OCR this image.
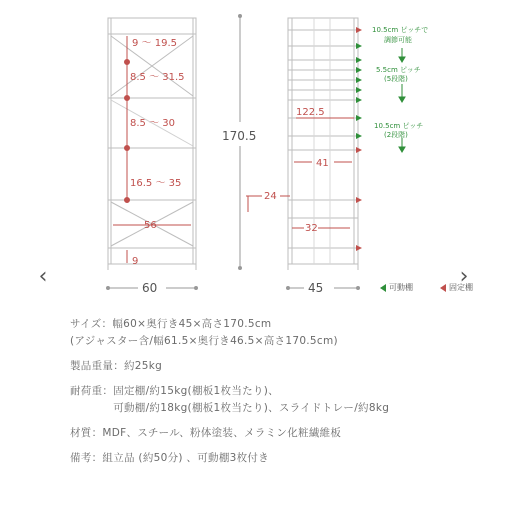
9 ～ 19.5
8.5 ～ 31.5
8.5 ～ 30
16.5 ～ 35
56
9
60
170.5
122.5
41
24
32
45
10.5cm ピッチで
調節可能
5.5cm ピッチ
(5段階)
10.5cm ピッチ
(2段階)
可動棚	固定棚
‹	›
サイズ：幅60×奥行き45×高さ170.5cm
(アジャスター含/幅61.5×奥行き46.5×高さ170.5cm)
製品重量：約25kg
耐荷重：固定棚/約15kg(棚板1枚当たり)、
　　　　可動棚/約18kg(棚板1枚当たり)、スライドトレー/約8kg
材質：MDF、スチール、粉体塗装、メラミン化粧繊維板
備考：組立品 (約50分) 、可動棚3枚付き
